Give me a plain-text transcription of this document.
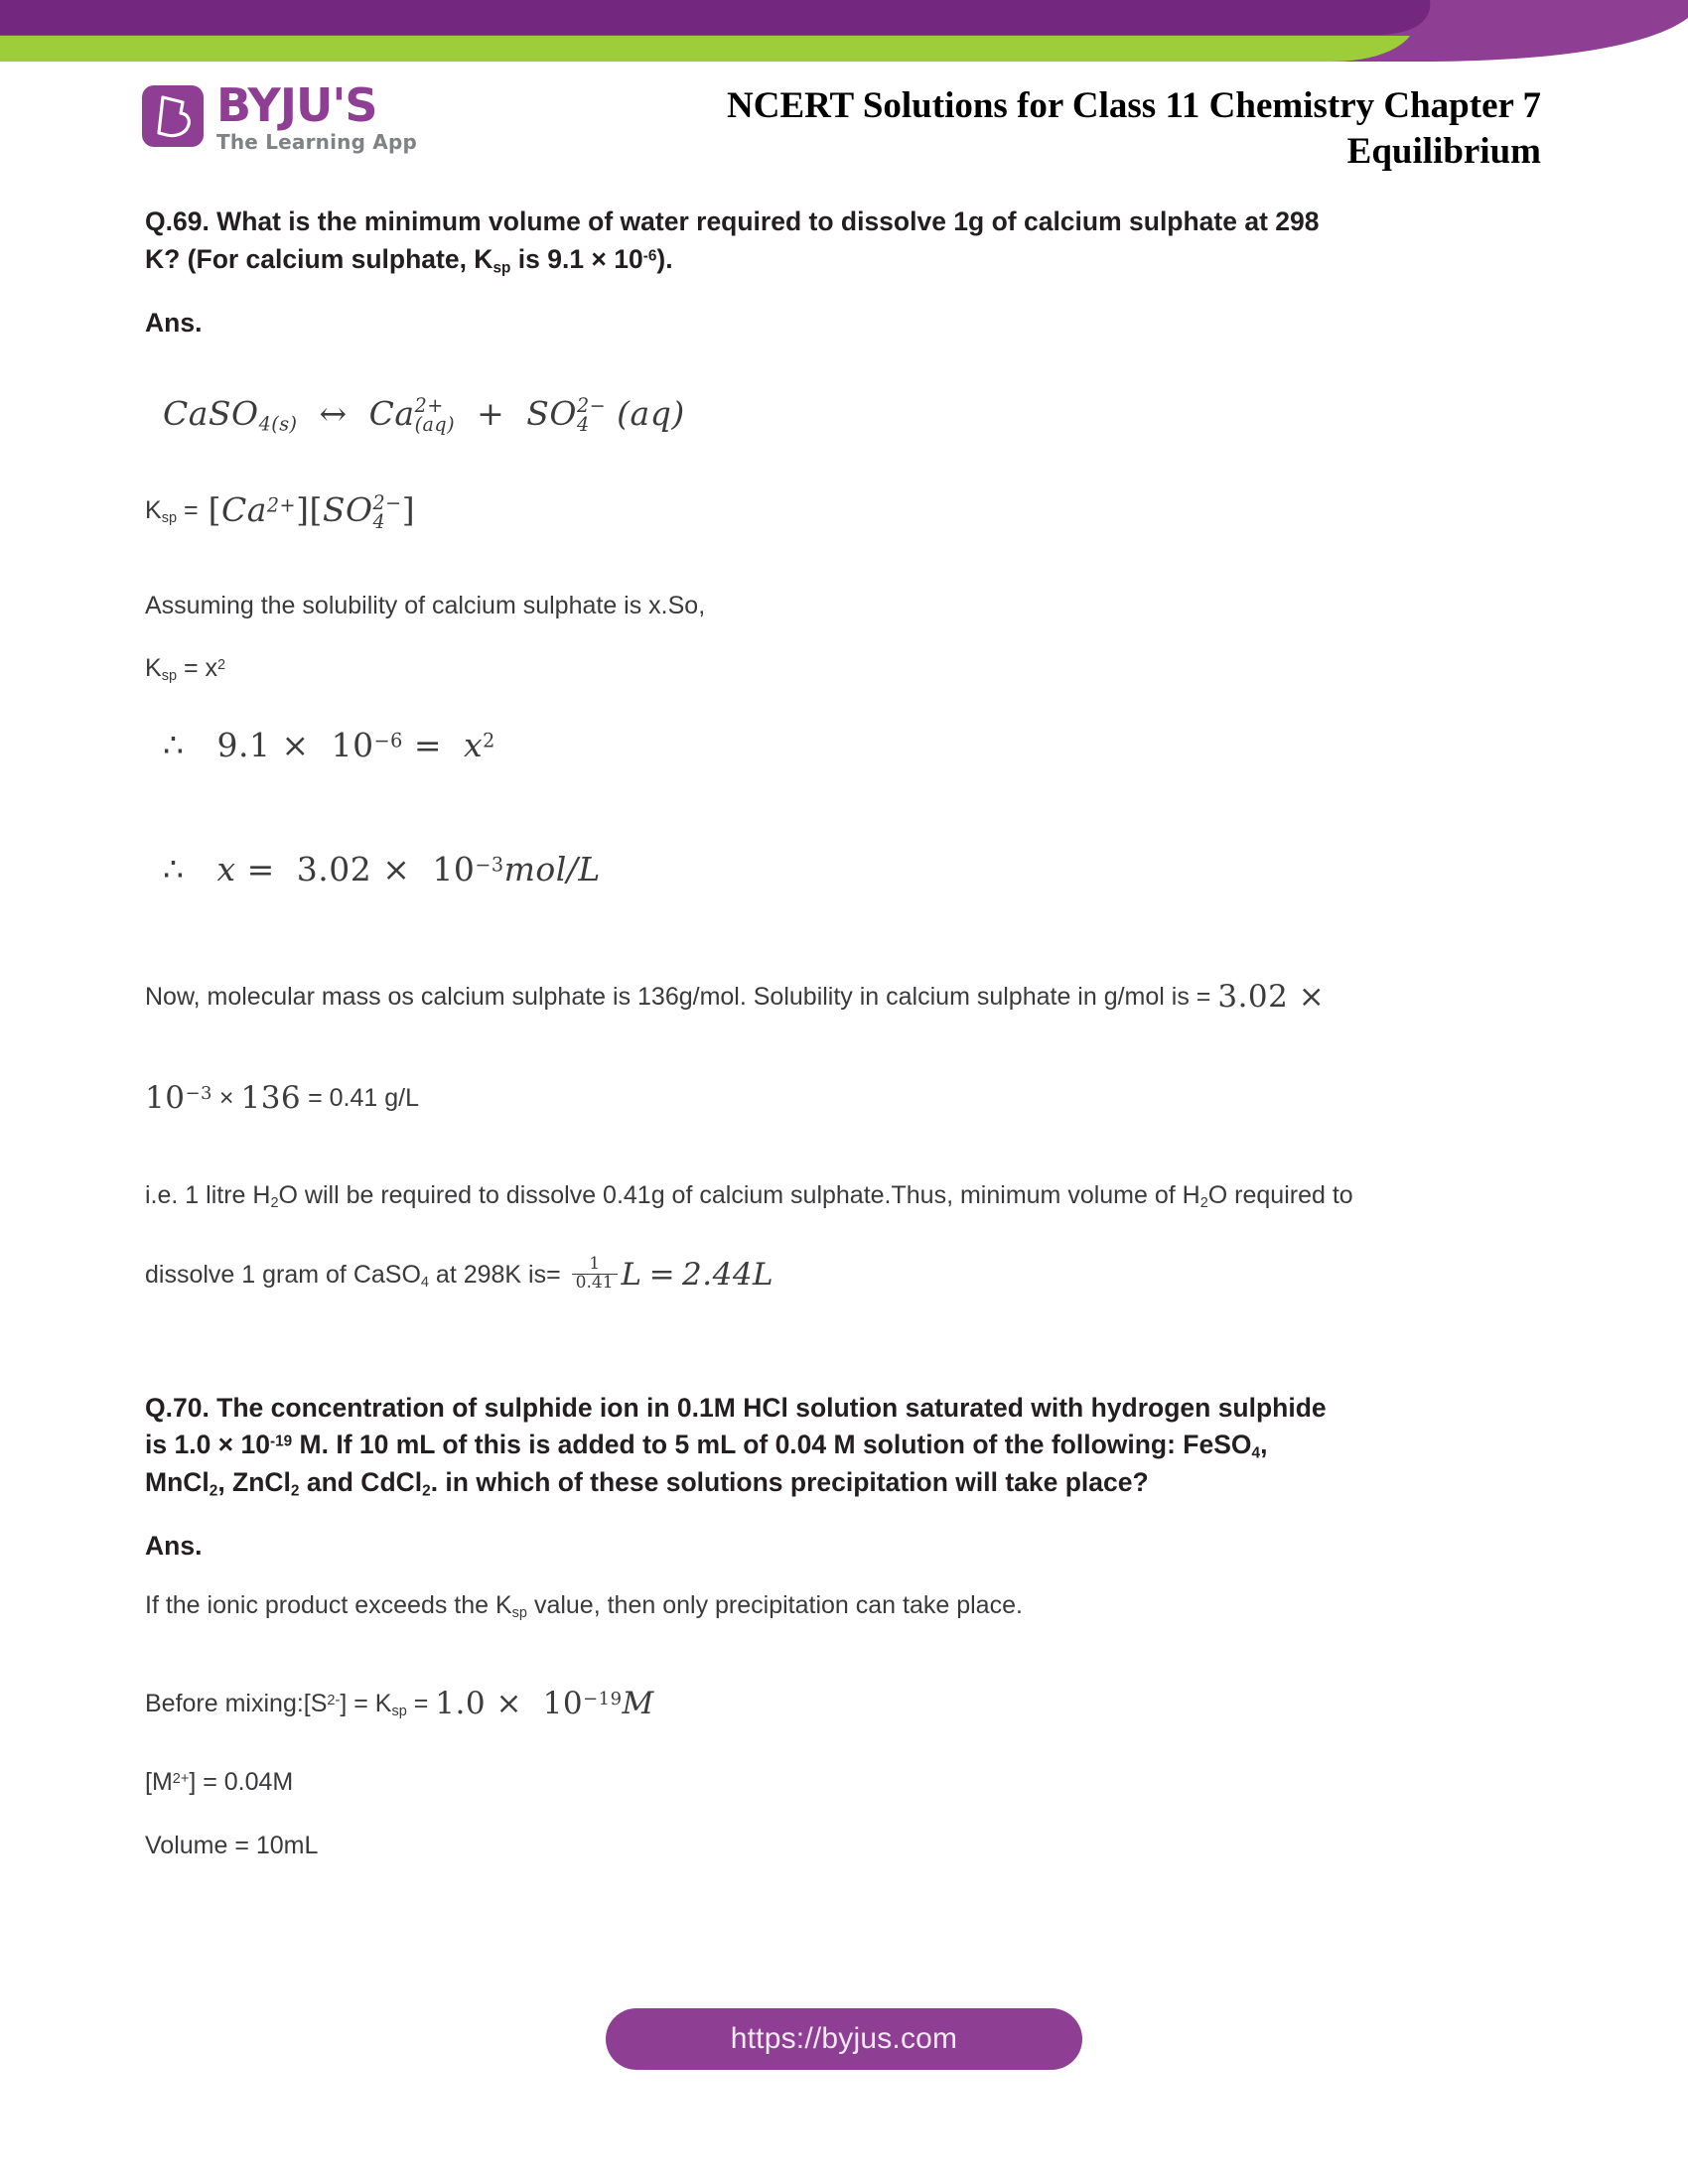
BYJU'S
The Learning App
NCERT Solutions for Class 11 Chemistry Chapter 7
Equilibrium
Q.69. What is the minimum volume of water required to dissolve 1g of calcium sulphate at 298
K? (For calcium sulphate, $K_{sp}$ is $9.1 \times 10^{-6}$).
Ans.
CaSO$_{4(s)}$ ↔ Ca 2+
(aq) + SO 2−
4 (aq)
$K_{sp} = [Ca^{2+}][SO$ 2−
4 ]
Assuming the solubility of calcium sulphate is x.So,
$K_{sp} = x^2$
∴ $9.1 \times 10^{-6} = x^2$
∴ $x = 3.02 \times 10^{-3}mol/L$
Now, molecular mass os calcium sulphate is 136g/mol. Solubility in calcium sulphate in g/mol is = 3.02 ×
$10^{-3} \times 136 = 0.41$ g/L
i.e. 1 litre $H_2O$ will be required to dissolve 0.41g of calcium sulphate.Thus, minimum volume of $H_2O$ required to
dissolve 1 gram of CaSO$_4$ at 298K $is= \frac{1}{0.41}$ L = 2.44L
Q.70. The concentration of sulphide ion in 0.1M HCl solution saturated with hydrogen sulphide
is $1.0 \times 10^{-19}$ M. If 10 mL of this is added to 5 mL of 0.04 M solution of the following: FeSO$_4$,
MnCl$_2$, ZnCl$_2$ and CdCl$_2$. in which of these solutions precipitation will take place?
Ans.
If the ionic product exceeds the $K_{sp}$ value, then only precipitation can take place.
Before $mixing:[S^{2-}] = K_{sp} = 1.0 \times 10^{-19}M$
$[M^{2+}] = 0.04M$
Volume = 10mL
https://byjus.com
